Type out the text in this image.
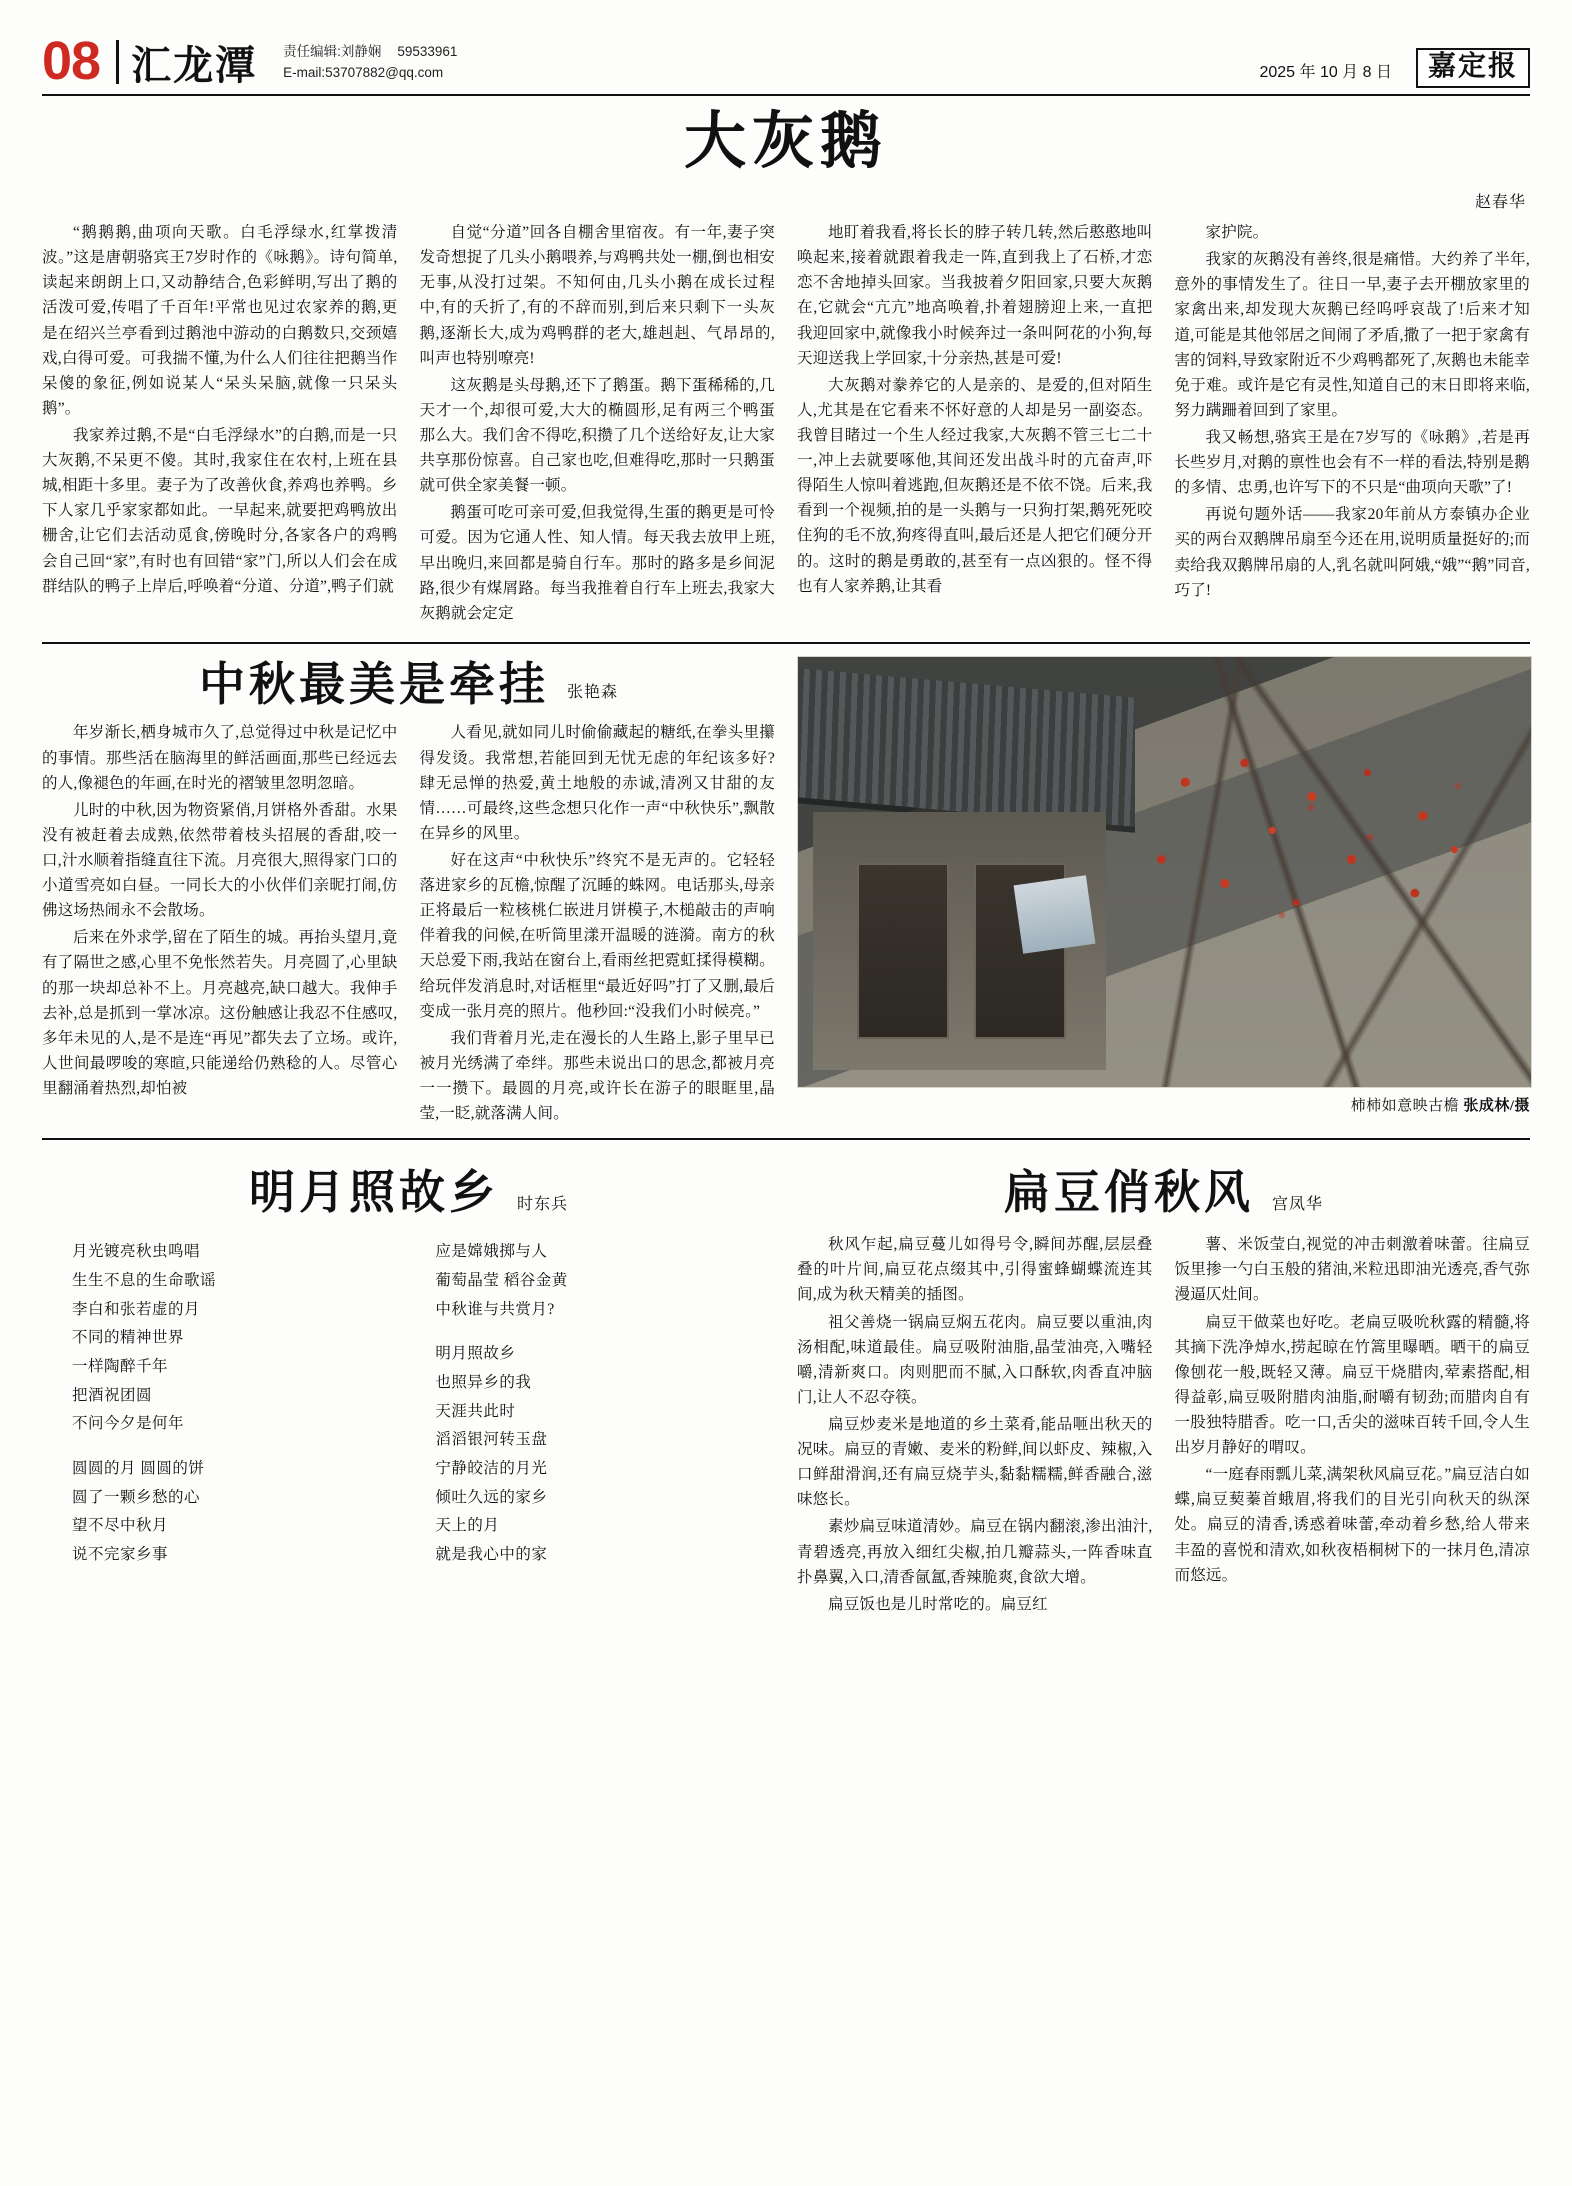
08 汇龙潭 责任编辑:刘静娴 59533961
E-mail:53707882@qq.com	2025 年 10 月 8 日	嘉定报
大灰鹅
赵春华

“鹅鹅鹅,曲项向天歌。白毛浮绿水,红掌拨清波。”这是唐朝骆宾王7岁时作的《咏鹅》。诗句简单,读起来朗朗上口,又动静结合,色彩鲜明,写出了鹅的活泼可爱,传唱了千百年!平常也见过农家养的鹅,更是在绍兴兰亭看到过鹅池中游动的白鹅数只,交颈嬉戏,白得可爱。可我揣不懂,为什么人们往往把鹅当作呆傻的象征,例如说某人“呆头呆脑,就像一只呆头鹅”。

我家养过鹅,不是“白毛浮绿水”的白鹅,而是一只大灰鹅,不呆更不傻。其时,我家住在农村,上班在县城,相距十多里。妻子为了改善伙食,养鸡也养鸭。乡下人家几乎家家都如此。一早起来,就要把鸡鸭放出栅舍,让它们去活动觅食,傍晚时分,各家各户的鸡鸭会自己回“家”,有时也有回错“家”门,所以人们会在成群结队的鸭子上岸后,呼唤着“分道、分道”,鸭子们就

自觉“分道”回各自棚舍里宿夜。有一年,妻子突发奇想捉了几头小鹅喂养,与鸡鸭共处一棚,倒也相安无事,从没打过架。不知何由,几头小鹅在成长过程中,有的夭折了,有的不辞而别,到后来只剩下一头灰鹅,逐渐长大,成为鸡鸭群的老大,雄赳赳、气昂昂的,叫声也特别嘹亮!

这灰鹅是头母鹅,还下了鹅蛋。鹅下蛋稀稀的,几天才一个,却很可爱,大大的椭圆形,足有两三个鸭蛋那么大。我们舍不得吃,积攒了几个送给好友,让大家共享那份惊喜。自己家也吃,但难得吃,那时一只鹅蛋就可供全家美餐一顿。

鹅蛋可吃可亲可爱,但我觉得,生蛋的鹅更是可怜可爱。因为它通人性、知人情。每天我去放甲上班,早出晚归,来回都是骑自行车。那时的路多是乡间泥路,很少有煤屑路。每当我推着自行车上班去,我家大灰鹅就会定定

地盯着我看,将长长的脖子转几转,然后憨憨地叫唤起来,接着就跟着我走一阵,直到我上了石桥,才恋恋不舍地掉头回家。当我披着夕阳回家,只要大灰鹅在,它就会“亢亢”地高唤着,扑着翅膀迎上来,一直把我迎回家中,就像我小时候奔过一条叫阿花的小狗,每天迎送我上学回家,十分亲热,甚是可爱!

大灰鹅对豢养它的人是亲的、是爱的,但对陌生人,尤其是在它看来不怀好意的人却是另一副姿态。我曾目睹过一个生人经过我家,大灰鹅不管三七二十一,冲上去就要啄他,其间还发出战斗时的亢奋声,吓得陌生人惊叫着逃跑,但灰鹅还是不依不饶。后来,我看到一个视频,拍的是一头鹅与一只狗打架,鹅死死咬住狗的毛不放,狗疼得直叫,最后还是人把它们硬分开的。这时的鹅是勇敢的,甚至有一点凶狠的。怪不得也有人家养鹅,让其看

家护院。

我家的灰鹅没有善终,很是痛惜。大约养了半年,意外的事情发生了。往日一早,妻子去开棚放家里的家禽出来,却发现大灰鹅已经呜呼哀哉了!后来才知道,可能是其他邻居之间闹了矛盾,撒了一把于家禽有害的饲料,导致家附近不少鸡鸭都死了,灰鹅也未能幸免于难。或许是它有灵性,知道自己的末日即将来临,努力蹒跚着回到了家里。

我又畅想,骆宾王是在7岁写的《咏鹅》,若是再长些岁月,对鹅的禀性也会有不一样的看法,特别是鹅的多情、忠勇,也许写下的不只是“曲项向天歌”了!

再说句题外话——我家20年前从方泰镇办企业买的两台双鹅牌吊扇至今还在用,说明质量挺好的;而卖给我双鹅牌吊扇的人,乳名就叫阿娥,“娥”“鹅”同音,巧了!

中秋最美是牵挂 张艳森

年岁渐长,栖身城市久了,总觉得过中秋是记忆中的事情。那些活在脑海里的鲜活画面,那些已经远去的人,像褪色的年画,在时光的褶皱里忽明忽暗。

儿时的中秋,因为物资紧俏,月饼格外香甜。水果没有被赶着去成熟,依然带着枝头招展的香甜,咬一口,汁水顺着指缝直往下流。月亮很大,照得家门口的小道雪亮如白昼。一同长大的小伙伴们亲昵打闹,仿佛这场热闹永不会散场。

后来在外求学,留在了陌生的城。再抬头望月,竟有了隔世之感,心里不免怅然若失。月亮圆了,心里缺的那一块却总补不上。月亮越亮,缺口越大。我伸手去补,总是抓到一掌冰凉。这份触感让我忍不住感叹,多年未见的人,是不是连“再见”都失去了立场。或许,人世间最啰唆的寒暄,只能递给仍熟稔的人。尽管心里翻涌着热烈,却怕被

人看见,就如同儿时偷偷藏起的糖纸,在拳头里攥得发烫。我常想,若能回到无忧无虑的年纪该多好?肆无忌惮的热爱,黄土地般的赤诚,清冽又甘甜的友情……可最终,这些念想只化作一声“中秋快乐”,飘散在异乡的风里。

好在这声“中秋快乐”终究不是无声的。它轻轻落进家乡的瓦檐,惊醒了沉睡的蛛网。电话那头,母亲正将最后一粒核桃仁嵌进月饼模子,木槌敲击的声响伴着我的问候,在听筒里漾开温暖的涟漪。南方的秋天总爱下雨,我站在窗台上,看雨丝把霓虹揉得模糊。给玩伴发消息时,对话框里“最近好吗”打了又删,最后变成一张月亮的照片。他秒回:“没我们小时候亮。”

我们背着月光,走在漫长的人生路上,影子里早已被月光绣满了牵绊。那些未说出口的思念,都被月亮一一攒下。最圆的月亮,或许长在游子的眼眶里,晶莹,一眨,就落满人间。	柿柿如意映古檐 张成林/摄
明月照故乡 时东兵

月光镀亮秋虫鸣唱

生生不息的生命歌谣

李白和张若虚的月

不同的精神世界

一样陶醉千年

把酒祝团圆

不问今夕是何年

圆圆的月 圆圆的饼

圆了一颗乡愁的心

望不尽中秋月

说不完家乡事

应是嫦娥掷与人

葡萄晶莹 稻谷金黄

中秋谁与共赏月?

明月照故乡

也照异乡的我

天涯共此时

滔滔银河转玉盘

宁静皎洁的月光

倾吐久远的家乡

天上的月

就是我心中的家

扁豆俏秋风 宫凤华

秋风乍起,扁豆蔓儿如得号令,瞬间苏醒,层层叠叠的叶片间,扁豆花点缀其中,引得蜜蜂蝴蝶流连其间,成为秋天精美的插图。

祖父善烧一锅扁豆焖五花肉。扁豆要以重油,肉汤相配,味道最佳。扁豆吸附油脂,晶莹油亮,入嘴轻嚼,清新爽口。肉则肥而不腻,入口酥软,肉香直冲脑门,让人不忍夺筷。

扁豆炒麦米是地道的乡土菜肴,能品咂出秋天的况味。扁豆的青嫩、麦米的粉鲜,间以虾皮、辣椒,入口鲜甜滑润,还有扁豆烧芋头,黏黏糯糯,鲜香融合,滋味悠长。

素炒扁豆味道清妙。扁豆在锅内翻滚,渗出油汁,青碧透亮,再放入细红尖椒,拍几瓣蒜头,一阵香味直扑鼻翼,入口,清香氤氲,香辣脆爽,食欲大增。

扁豆饭也是儿时常吃的。扁豆红

薯、米饭莹白,视觉的冲击刺激着味蕾。往扁豆饭里掺一勺白玉般的猪油,米粒迅即油光透亮,香气弥漫逼仄灶间。

扁豆干做菜也好吃。老扁豆吸吮秋露的精髓,将其摘下洗净焯水,捞起晾在竹篙里曝晒。晒干的扁豆像刨花一般,既轻又薄。扁豆干烧腊肉,荤素搭配,相得益彰,扁豆吸附腊肉油脂,耐嚼有韧劲;而腊肉自有一股独特腊香。吃一口,舌尖的滋味百转千回,令人生出岁月静好的喟叹。

“一庭春雨瓢儿菜,满架秋风扁豆花。”扁豆洁白如蝶,扁豆葜蓁首蛾眉,将我们的目光引向秋天的纵深处。扁豆的清香,诱惑着味蕾,牵动着乡愁,给人带来丰盈的喜悦和清欢,如秋夜梧桐树下的一抹月色,清凉而悠远。
